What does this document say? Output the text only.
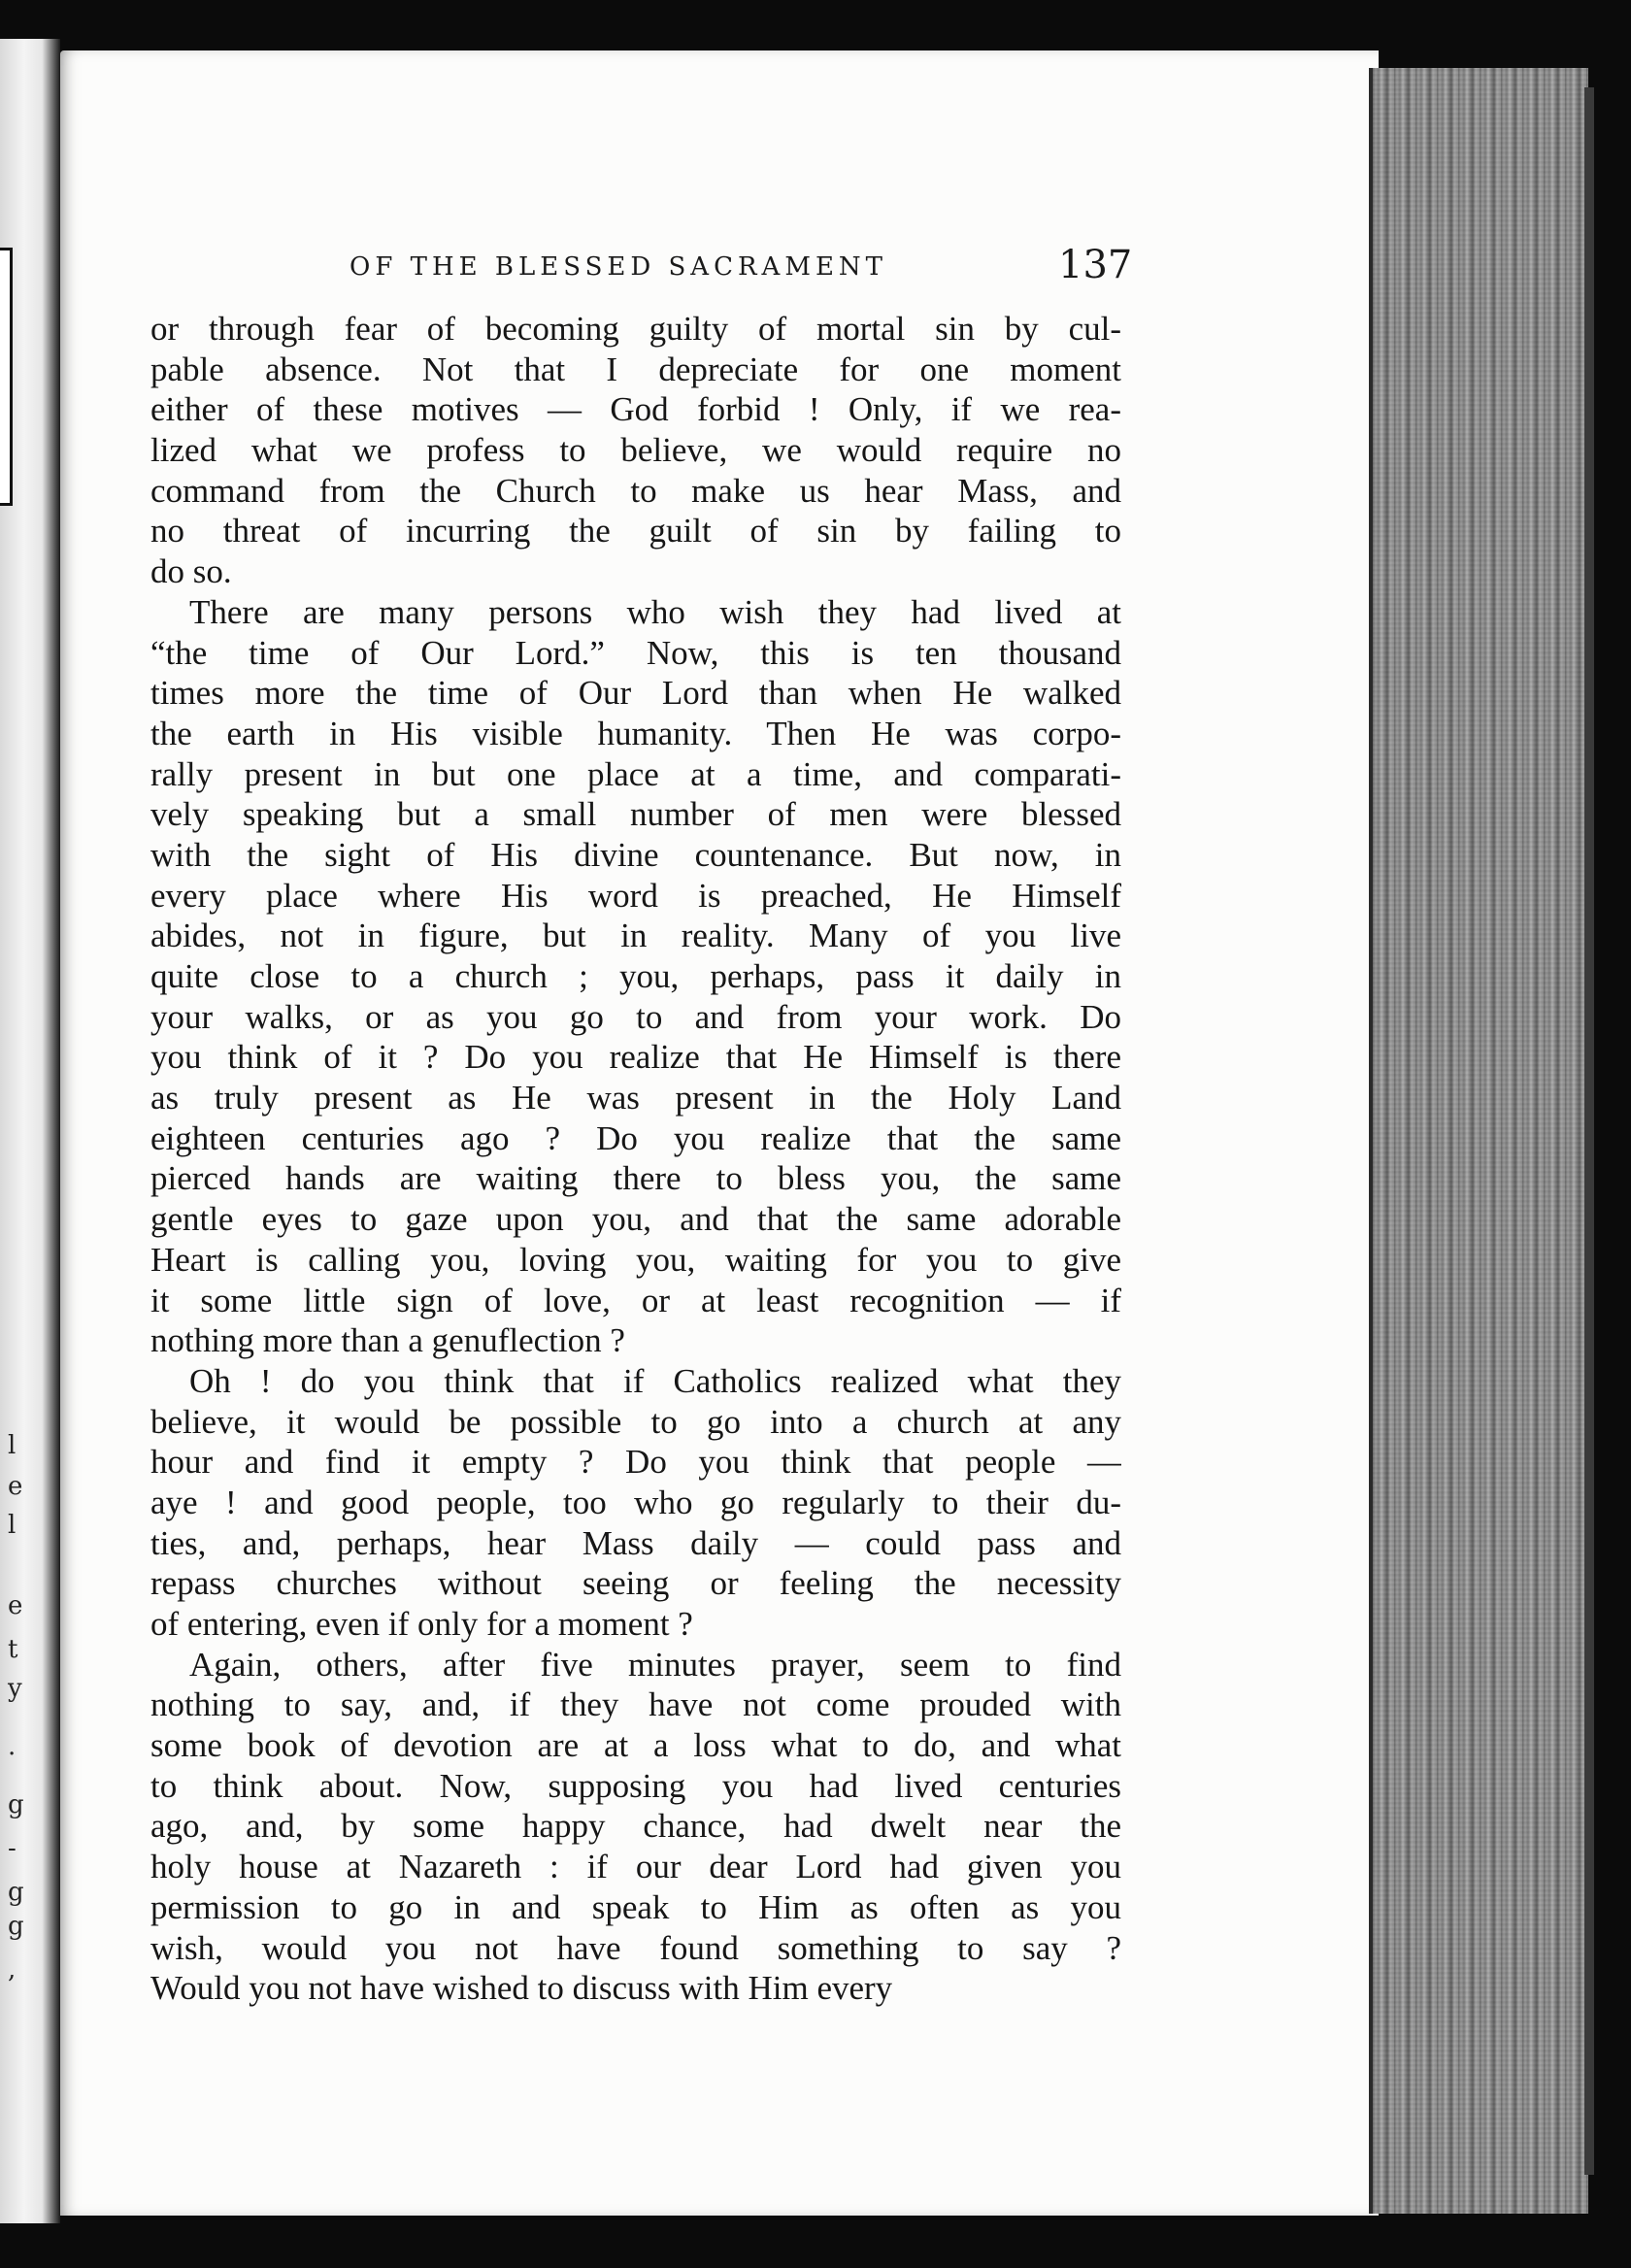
l
e
l
e
t
y
.
g
-
g
g
,
OF THE BLESSED SACRAMENT	137
or through fear of becoming guilty of mortal sin by cul-
pable absence. Not that I depreciate for one moment
either of these motives — God forbid ! Only, if we rea-
lized what we profess to believe, we would require no
command from the Church to make us hear Mass, and
no threat of incurring the guilt of sin by failing to
do so.
There are many persons who wish they had lived at
“the time of Our Lord.” Now, this is ten thousand
times more the time of Our Lord than when He walked
the earth in His visible humanity. Then He was corpo-
rally present in but one place at a time, and comparati-
vely speaking but a small number of men were blessed
with the sight of His divine countenance. But now, in
every place where His word is preached, He Himself
abides, not in figure, but in reality. Many of you live
quite close to a church ; you, perhaps, pass it daily in
your walks, or as you go to and from your work. Do
you think of it ? Do you realize that He Himself is there
as truly present as He was present in the Holy Land
eighteen centuries ago ? Do you realize that the same
pierced hands are waiting there to bless you, the same
gentle eyes to gaze upon you, and that the same adorable
Heart is calling you, loving you, waiting for you to give
it some little sign of love, or at least recognition — if
nothing more than a genuflection ?
Oh ! do you think that if Catholics realized what they
believe, it would be possible to go into a church at any
hour and find it empty ? Do you think that people —
aye ! and good people, too who go regularly to their du-
ties, and, perhaps, hear Mass daily — could pass and
repass churches without seeing or feeling the necessity
of entering, even if only for a moment ?
Again, others, after five minutes prayer, seem to find
nothing to say, and, if they have not come prouded with
some book of devotion are at a loss what to do, and what
to think about. Now, supposing you had lived centuries
ago, and, by some happy chance, had dwelt near the
holy house at Nazareth : if our dear Lord had given you
permission to go in and speak to Him as often as you
wish, would you not have found something to say ?
Would you not have wished to discuss with Him every
